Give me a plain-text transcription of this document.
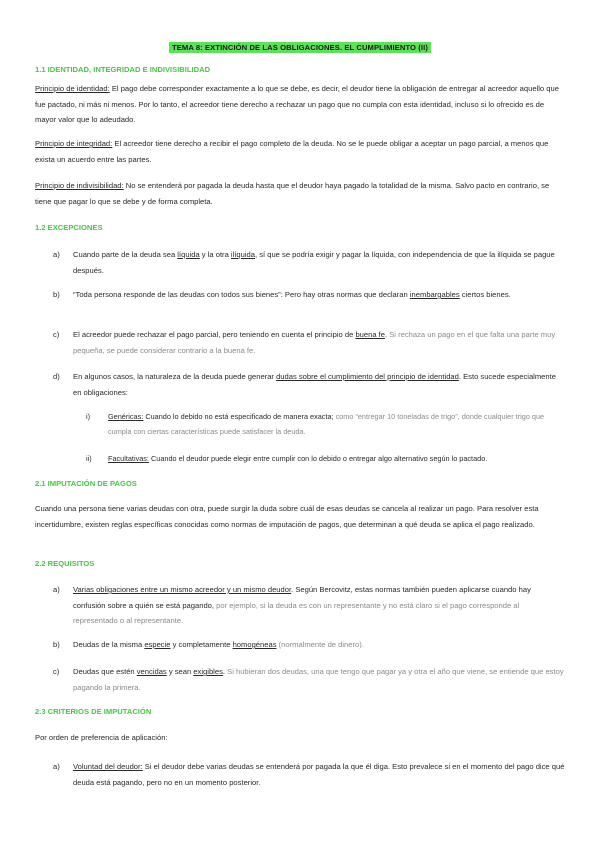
TEMA 8: EXTINCIÓN DE LAS OBLIGACIONES. EL CUMPLIMIENTO (II)
1.1 IDENTIDAD, INTEGRIDAD E INDIVISIBILIDAD
Principio de identidad: El pago debe corresponder exactamente a lo que se debe, es decir, el deudor tiene la obligación de entregar al acreedor aquello que fue pactado, ni más ni menos. Por lo tanto, el acreedor tiene derecho a rechazar un pago que no cumpla con esta identidad, incluso si lo ofrecido es de mayor valor que lo adeudado.
Principio de integridad: El acreedor tiene derecho a recibir el pago completo de la deuda. No se le puede obligar a aceptar un pago parcial, a menos que exista un acuerdo entre las partes.
Principio de indivisibilidad: No se entenderá por pagada la deuda hasta que el deudor haya pagado la totalidad de la misma. Salvo pacto en contrario, se tiene que pagar lo que se debe y de forma completa.
1.2 EXCEPCIONES
a) Cuando parte de la deuda sea líquida y la otra ilíquida, sí que se podría exigir y pagar la líquida, con independencia de que la ilíquida se pague después.
b) “Toda persona responde de las deudas con todos sus bienes”: Pero hay otras normas que declaran inembargables ciertos bienes.
c) El acreedor puede rechazar el pago parcial, pero teniendo en cuenta el principio de buena fe. Si rechaza un pago en el que falta una parte muy pequeña, se puede considerar contrario a la buena fe.
d) En algunos casos, la naturaleza de la deuda puede generar dudas sobre el cumplimiento del principio de identidad. Esto sucede especialmente en obligaciones:
i) Genéricas: Cuando lo debido no está especificado de manera exacta; como “entregar 10 toneladas de trigo”, donde cualquier trigo que cumpla con ciertas características puede satisfacer la deuda.
ii) Facultativas: Cuando el deudor puede elegir entre cumplir con lo debido o entregar algo alternativo según lo pactado.
2.1 IMPUTACIÓN DE PAGOS
Cuando una persona tiene varias deudas con otra, puede surgir la duda sobre cuál de esas deudas se cancela al realizar un pago. Para resolver esta incertidumbre, existen reglas específicas conocidas como normas de imputación de pagos, que determinan a qué deuda se aplica el pago realizado.
2.2 REQUISITOS
a) Varias obligaciones entre un mismo acreedor y un mismo deudor. Según Bercovitz, estas normas también pueden aplicarse cuando hay confusión sobre a quién se está pagando, por ejemplo, si la deuda es con un representante y no está claro si el pago corresponde al representado o al representante.
b) Deudas de la misma especie y completamente homogéneas (normalmente de dinero).
c) Deudas que estén vencidas y sean exigibles. Si hubieran dos deudas, una que tengo que pagar ya y otra el año que viene, se entiende que estoy pagando la primera.
2.3 CRITERIOS DE IMPUTACIÓN
Por orden de preferencia de aplicación:
a) Voluntad del deudor: Si el deudor debe varias deudas se entenderá por pagada la que él diga. Esto prevalece si en el momento del pago dice qué deuda está pagando, pero no en un momento posterior.
